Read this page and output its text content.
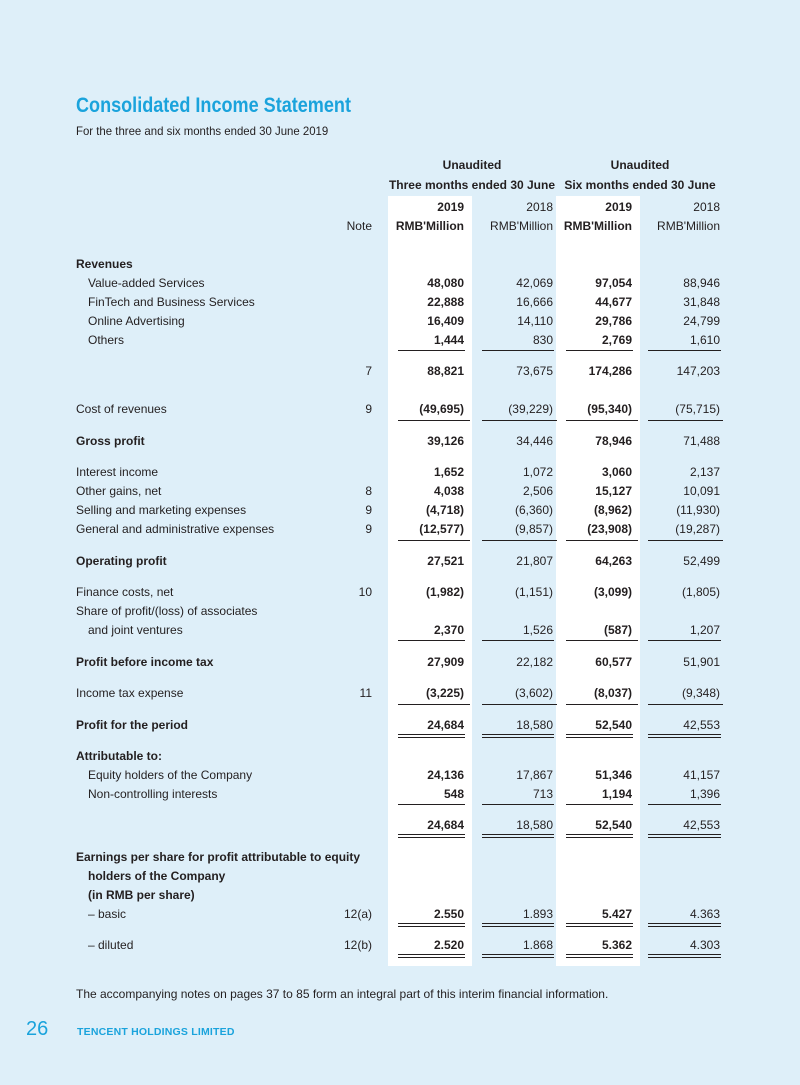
Consolidated Income Statement
For the three and six months ended 30 June 2019
Unaudited
Three months ended 30 June
Unaudited
Six months ended 30 June
Note
2019	2018	2019	2018
RMB'Million RMB'Million RMB'Million RMB'Million
Revenues
Value-added Services	48,080	42,069	97,054	88,946
FinTech and Business Services	22,888	16,666	44,677	31,848
Online Advertising	16,409	14,110	29,786	24,799
Others	1,444	830	2,769	1,610
7	88,821	73,675	174,286	147,203
Cost of revenues	9	(49,695)	(39,229)	(95,340)	(75,715)
Gross profit	39,126	34,446	78,946	71,488
Interest income	1,652	1,072	3,060	2,137
Other gains, net	8	4,038	2,506	15,127	10,091
Selling and marketing expenses	9	(4,718)	(6,360)	(8,962)	(11,930)
General and administrative expenses	9	(12,577)	(9,857)	(23,908)	(19,287)
Operating profit	27,521	21,807	64,263	52,499
Finance costs, net	10	(1,982)	(1,151)	(3,099)	(1,805)
Share of profit/(loss) of associates
and joint ventures	2,370	1,526	(587)	1,207
Profit before income tax	27,909	22,182	60,577	51,901
Income tax expense	11	(3,225)	(3,602)	(8,037)	(9,348)
Profit for the period	24,684	18,580	52,540	42,553
Attributable to:
Equity holders of the Company	24,136	17,867	51,346	41,157
Non-controlling interests	548	713	1,194	1,396
24,684	18,580	52,540	42,553
Earnings per share for profit attributable to equity
holders of the Company
(in RMB per share)
– basic	12(a)	2.550	1.893	5.427	4.363
– diluted	12(b)	2.520	1.868	5.362	4.303
The accompanying notes on pages 37 to 85 form an integral part of this interim financial information.
26	TENCENT HOLDINGS LIMITED
